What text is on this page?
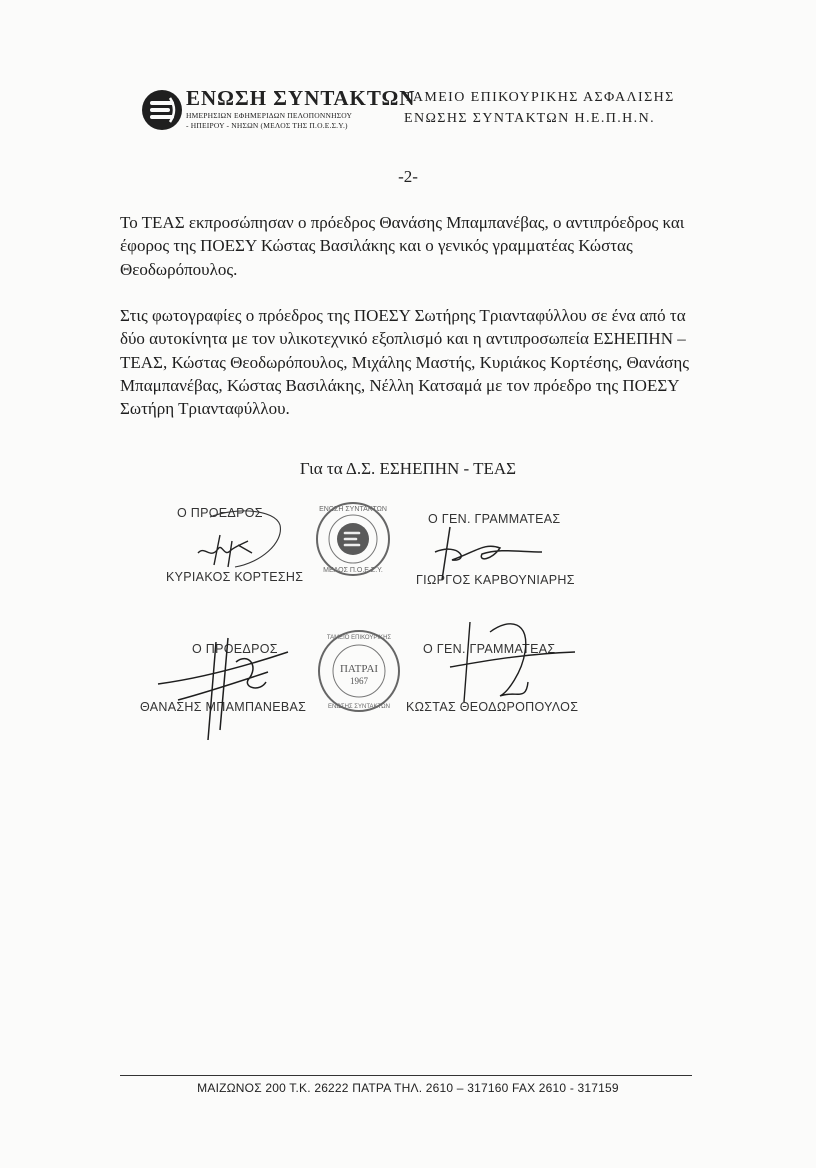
ΕΝΩΣΗ ΣΥΝΤΑΚΤΩΝ
ΗΜΕΡΗΣΙΩΝ ΕΦΗΜΕΡΙΔΩΝ ΠΕΛΟΠΟΝΝΗΣΟΥ
- ΗΠΕΙΡΟΥ - ΝΗΣΩΝ (ΜΕΛΟΣ ΤΗΣ Π.Ο.Ε.Σ.Υ.)
ΤΑΜΕΙΟ ΕΠΙΚΟΥΡΙΚΗΣ ΑΣΦΑΛΙΣΗΣ
ΕΝΩΣΗΣ ΣΥΝΤΑΚΤΩΝ Η.Ε.Π.Η.Ν.
-2-

Το ΤΕΑΣ εκπροσώπησαν ο πρόεδρος Θανάσης Μπαμπανέβας, ο αντιπρόεδρος και έφορος της ΠΟΕΣΥ Κώστας Βασιλάκης και ο γενικός γραμματέας Κώστας Θεοδωρόπουλος.

Στις φωτογραφίες ο πρόεδρος της ΠΟΕΣΥ Σωτήρης Τριανταφύλλου σε ένα από τα δύο αυτοκίνητα με τον υλικοτεχνικό εξοπλισμό και η αντιπροσωπεία ΕΣΗΕΠΗΝ – ΤΕΑΣ, Κώστας Θεοδωρόπουλος, Μιχάλης Μαστής, Κυριάκος Κορτέσης, Θανάσης Μπαμπανέβας, Κώστας Βασιλάκης, Νέλλη Κατσαμά με τον πρόεδρο της ΠΟΕΣΥ Σωτήρη Τριανταφύλλου.

Για τα Δ.Σ. ΕΣΗΕΠΗΝ - ΤΕΑΣ
Ο ΠΡΟΕΔΡΟΣ
ΚΥΡΙΑΚΟΣ ΚΟΡΤΕΣΗΣ
ΕΝΩΣΗ ΣΥΝΤΑΚΤΩΝ
ΜΕΛΟΣ Π.Ο.Ε.Σ.Υ.
Ο ΓΕΝ. ΓΡΑΜΜΑΤΕΑΣ
ΓΙΩΡΓΟΣ ΚΑΡΒΟΥΝΙΑΡΗΣ
Ο ΠΡΟΕΔΡΟΣ
ΘΑΝΑΣΗΣ ΜΠΑΜΠΑΝΕΒΑΣ
ΠΑΤΡΑΙ
1967
ΤΑΜΕΙΟ ΕΠΙΚΟΥΡΙΚΗΣ
ΕΝΩΣΗΣ ΣΥΝΤΑΚΤΩΝ
Ο ΓΕΝ. ΓΡΑΜΜΑΤΕΑΣ
ΚΩΣΤΑΣ ΘΕΟΔΩΡΟΠΟΥΛΟΣ
ΜΑΙΖΩΝΟΣ 200 Τ.Κ. 26222 ΠΑΤΡΑ ΤΗΛ. 2610 – 317160 FAX 2610 - 317159
